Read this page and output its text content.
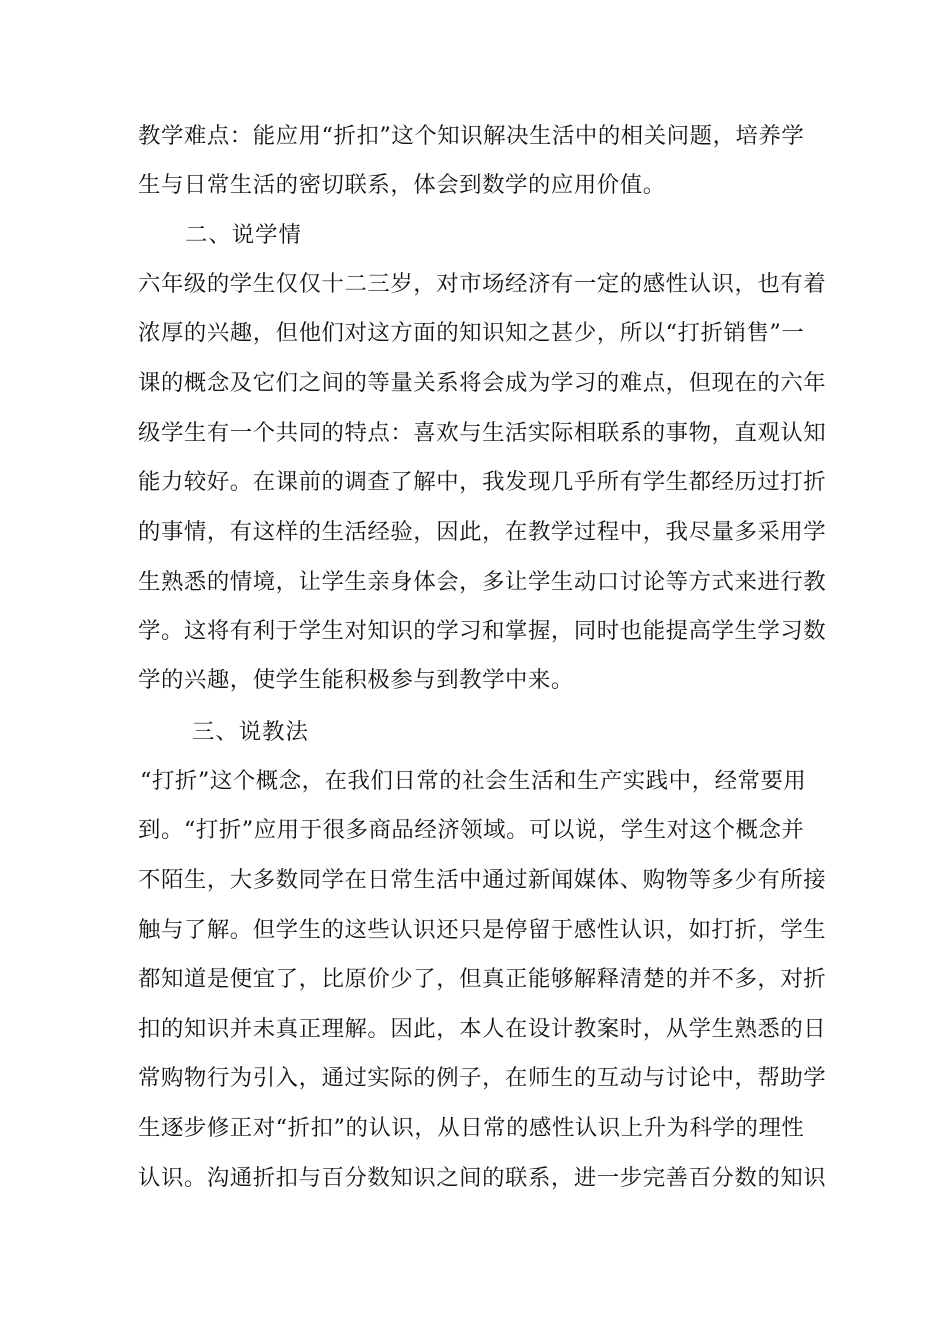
教学难点：能应用“折扣”这个知识解决生活中的相关问题，培养学
生与日常生活的密切联系，体会到数学的应用价值。
二、说学情
六年级的学生仅仅十二三岁，对市场经济有一定的感性认识，也有着
浓厚的兴趣，但他们对这方面的知识知之甚少，所以“打折销售”一
课的概念及它们之间的等量关系将会成为学习的难点，但现在的六年
级学生有一个共同的特点：喜欢与生活实际相联系的事物，直观认知
能力较好。在课前的调查了解中，我发现几乎所有学生都经历过打折
的事情，有这样的生活经验，因此，在教学过程中，我尽量多采用学
生熟悉的情境，让学生亲身体会，多让学生动口讨论等方式来进行教
学。这将有利于学生对知识的学习和掌握，同时也能提高学生学习数
学的兴趣，使学生能积极参与到教学中来。
三、说教法
“打折”这个概念，在我们日常的社会生活和生产实践中，经常要用
到。“打折”应用于很多商品经济领域。可以说，学生对这个概念并
不陌生，大多数同学在日常生活中通过新闻媒体、购物等多少有所接
触与了解。但学生的这些认识还只是停留于感性认识，如打折，学生
都知道是便宜了，比原价少了，但真正能够解释清楚的并不多，对折
扣的知识并未真正理解。因此，本人在设计教案时，从学生熟悉的日
常购物行为引入，通过实际的例子，在师生的互动与讨论中，帮助学
生逐步修正对“折扣”的认识，从日常的感性认识上升为科学的理性
认识。沟通折扣与百分数知识之间的联系，进一步完善百分数的知识
